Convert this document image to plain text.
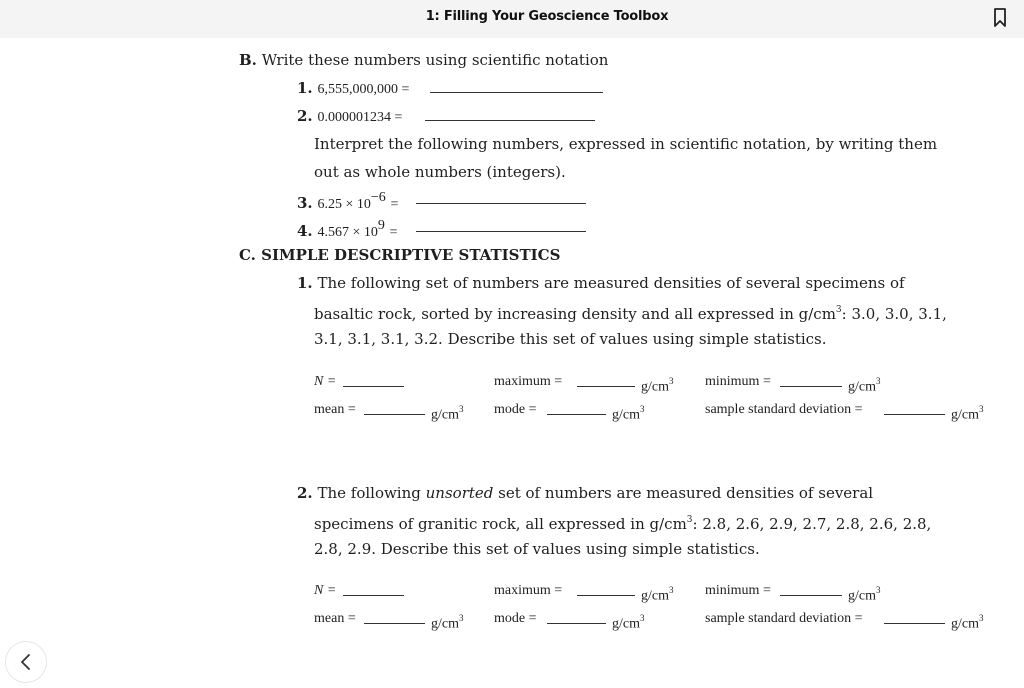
1: Filling Your Geoscience Toolbox
B. Write these numbers using scientific notation
1. 6,555,000,000 =
2. 0.000001234 =
Interpret the following numbers, expressed in scientific notation, by writing them
out as whole numbers (integers).
3. $6.25 \times 10^{-6}$ =
4. $4.567 \times 10^9$ =
C. SIMPLE DESCRIPTIVE STATISTICS
1. The following set of numbers are measured densities of several specimens of
basaltic rock, sorted by increasing density and all expressed in $g/cm^3$: 3.0, 3.0, 3.1,
3.1, 3.1, 3.1, 3.2. Describe this set of values using simple statistics.
N =	maximum =	$g/cm^3$ minimum =	$g/cm^3$
mean =	$g/cm^3$ mode =	$g/cm^3$	sample standard deviation =	$g/cm^3$
2. The following unsorted set of numbers are measured densities of several
specimens of granitic rock, all expressed in $g/cm^3$: 2.8, 2.6, 2.9, 2.7, 2.8, 2.6, 2.8,
2.8, 2.9. Describe this set of values using simple statistics.
N =	maximum =	$g/cm^3$ minimum =	$g/cm^3$
mean =	$g/cm^3$ mode =	$g/cm^3$	sample standard deviation =	$g/cm^3$
